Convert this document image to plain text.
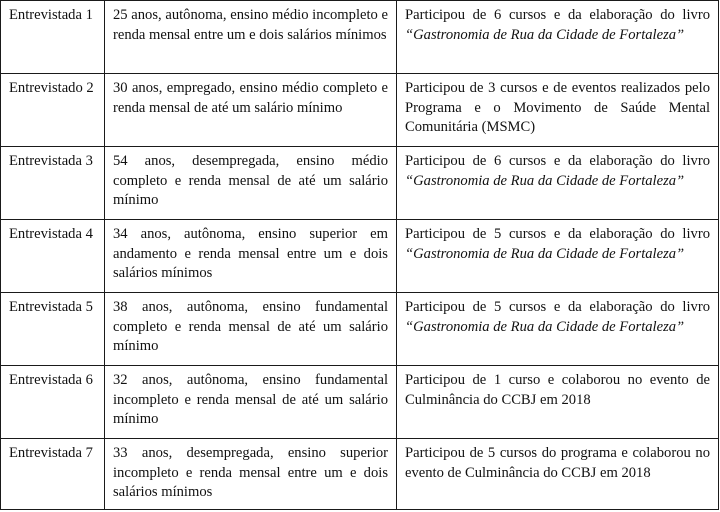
Entrevistada 1	25 anos, autônoma, ensino médio incompleto e renda mensal entre um e dois salários mínimos	Participou de 6 cursos e da elaboração do livro “Gastronomia de Rua da Cidade de Fortaleza”
Entrevistado 2	30 anos, empregado, ensino médio completo e renda mensal de até um salário mínimo	Participou de 3 cursos e de eventos realizados pelo Programa e o Movimento de Saúde Mental Comunitária (MSMC)
Entrevistada 3	54 anos, desempregada, ensino médio completo e renda mensal de até um salário mínimo	Participou de 6 cursos e da elaboração do livro “Gastronomia de Rua da Cidade de Fortaleza”
Entrevistada 4	34 anos, autônoma, ensino superior em andamento e renda mensal entre um e dois salários mínimos	Participou de 5 cursos e da elaboração do livro “Gastronomia de Rua da Cidade de Fortaleza”
Entrevistada 5	38 anos, autônoma, ensino fundamental completo e renda mensal de até um salário mínimo	Participou de 5 cursos e da elaboração do livro “Gastronomia de Rua da Cidade de Fortaleza”
Entrevistada 6	32 anos, autônoma, ensino fundamental incompleto e renda mensal de até um salário mínimo	Participou de 1 curso e colaborou no evento de Culminância do CCBJ em 2018
Entrevistada 7	33 anos, desempregada, ensino superior incompleto e renda mensal entre um e dois salários mínimos	Participou de 5 cursos do programa e colaborou no evento de Culminância do CCBJ em 2018
